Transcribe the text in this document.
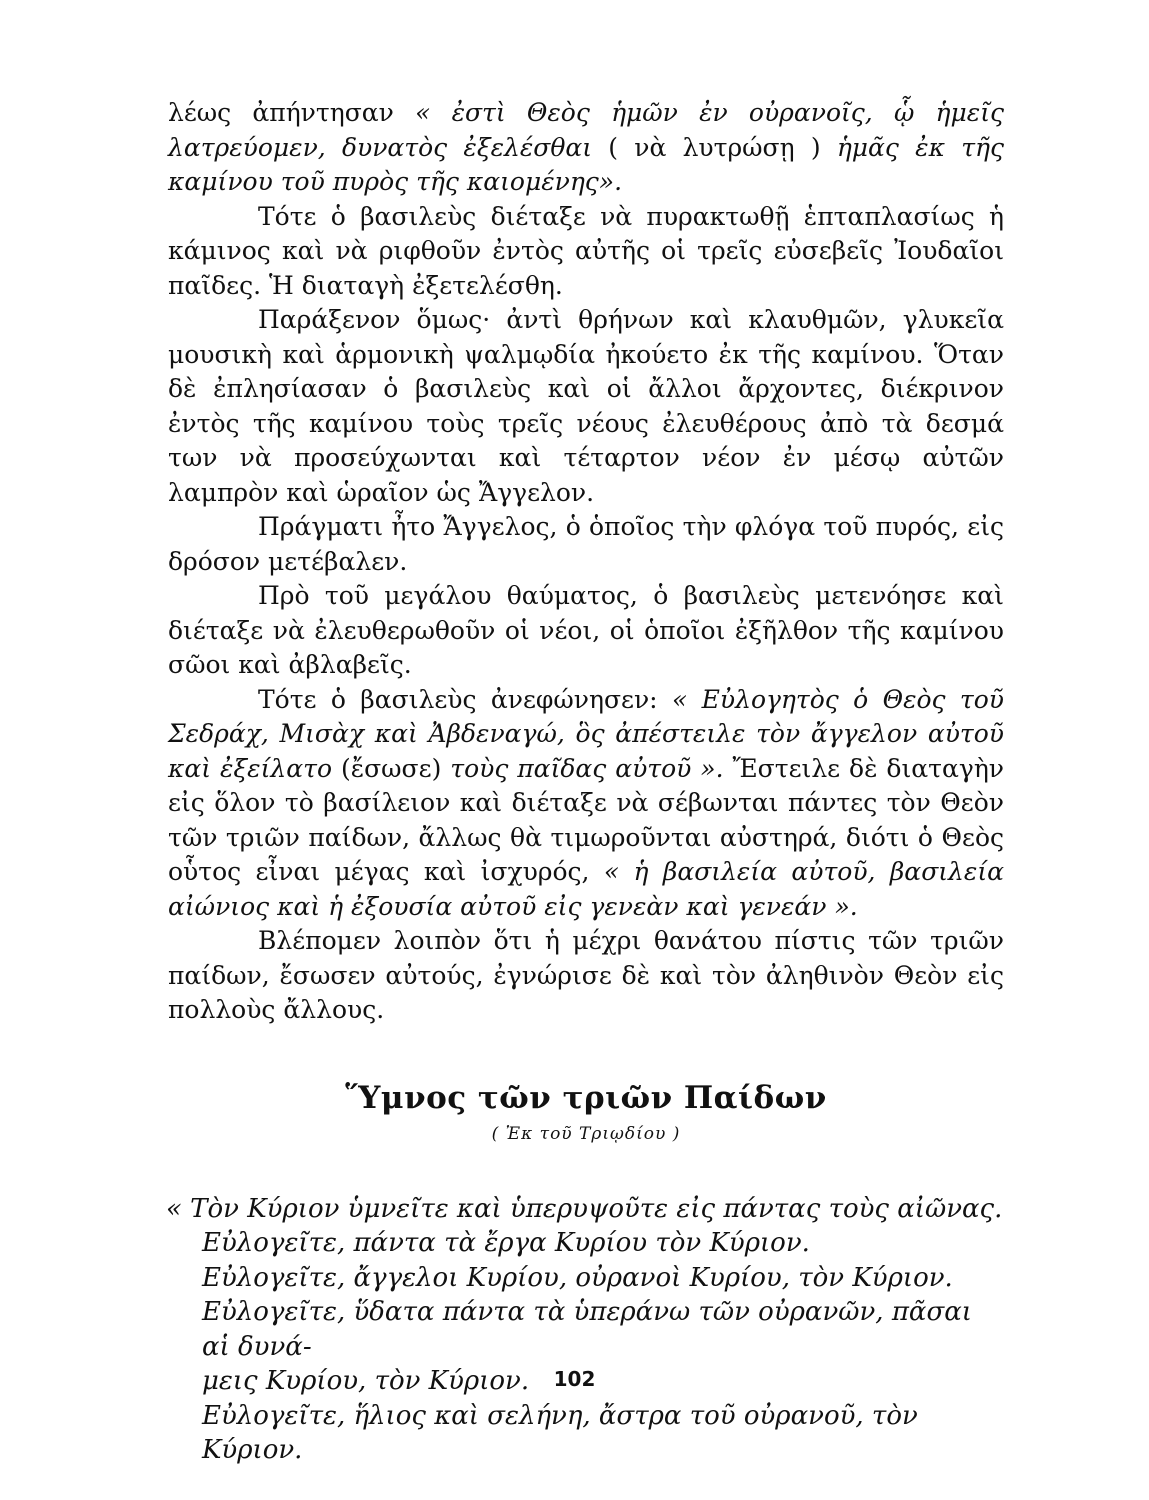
λέως ἀπήντησαν « ἐστὶ Θεὸς ἡμῶν ἐν οὐρανοῖς, ᾧ ἡμεῖς λατρεύομεν, δυνατὸς ἐξελέσθαι ( νὰ λυτρώσῃ ) ἡμᾶς ἐκ τῆς καμίνου τοῦ πυρὸς τῆς καιομένης».

Τότε ὁ βασιλεὺς διέταξε νὰ πυρακτωθῇ ἑπταπλασίως ἡ κάμινος καὶ νὰ ριφθοῦν ἐντὸς αὐτῆς οἱ τρεῖς εὐσεβεῖς Ἰουδαῖοι παῖδες. Ἡ διαταγὴ ἐξετελέσθη.

Παράξενον ὅμως· ἀντὶ θρήνων καὶ κλαυθμῶν, γλυκεῖα μουσικὴ καὶ ἁρμονικὴ ψαλμῳδία ἠκούετο ἐκ τῆς καμίνου. Ὅταν δὲ ἐπλησίασαν ὁ βασιλεὺς καὶ οἱ ἄλλοι ἄρχοντες, διέκρινον ἐντὸς τῆς καμίνου τοὺς τρεῖς νέους ἐλευθέρους ἀπὸ τὰ δεσμά των νὰ προσεύχωνται καὶ τέταρτον νέον ἐν μέσῳ αὐτῶν λαμπρὸν καὶ ὡραῖον ὡς Ἄγγελον.

Πράγματι ἦτο Ἄγγελος, ὁ ὁποῖος τὴν φλόγα τοῦ πυρός, εἰς δρόσον μετέβαλεν.

Πρὸ τοῦ μεγάλου θαύματος, ὁ βασιλεὺς μετενόησε καὶ διέταξε νὰ ἐλευθερωθοῦν οἱ νέοι, οἱ ὁποῖοι ἐξῆλθον τῆς καμίνου σῶοι καὶ ἀβλαβεῖς.

Τότε ὁ βασιλεὺς ἀνεφώνησεν: « Εὐλογητὸς ὁ Θεὸς τοῦ Σεδράχ, Μισὰχ καὶ Ἀβδεναγώ, ὃς ἀπέστειλε τὸν ἄγγελον αὐτοῦ καὶ ἐξείλατο (ἔσωσε) τοὺς παῖδας αὐτοῦ ». Ἔστειλε δὲ διαταγὴν εἰς ὅλον τὸ βασίλειον καὶ διέταξε νὰ σέβωνται πάντες τὸν Θεὸν τῶν τριῶν παίδων, ἄλλως θὰ τιμωροῦνται αὐστηρά, διότι ὁ Θεὸς οὗτος εἶναι μέγας καὶ ἰσχυρός, « ἡ βασιλεία αὐτοῦ, βασιλεία αἰώνιος καὶ ἡ ἐξουσία αὐτοῦ εἰς γενεὰν καὶ γενεάν ».

Βλέπομεν λοιπὸν ὅτι ἡ μέχρι θανάτου πίστις τῶν τριῶν παίδων, ἔσωσεν αὐτούς, ἐγνώρισε δὲ καὶ τὸν ἀληθινὸν Θεὸν εἰς πολλοὺς ἄλλους.

Ὕμνος τῶν τριῶν Παίδων

( Ἐκ τοῦ Τριῳδίου )

« Τὸν Κύριον ὑμνεῖτε καὶ ὑπερυψοῦτε εἰς πάντας τοὺς αἰῶνας.

Εὐλογεῖτε, πάντα τὰ ἔργα Κυρίου τὸν Κύριον.

Εὐλογεῖτε, ἄγγελοι Κυρίου, οὐρανοὶ Κυρίου, τὸν Κύριον.

Εὐλογεῖτε, ὕδατα πάντα τὰ ὑπεράνω τῶν οὐρανῶν, πᾶσαι αἱ δυνά-

μεις Κυρίου, τὸν Κύριον.

Εὐλογεῖτε, ἥλιος καὶ σελήνη, ἄστρα τοῦ οὐρανοῦ, τὸν Κύριον.

102
